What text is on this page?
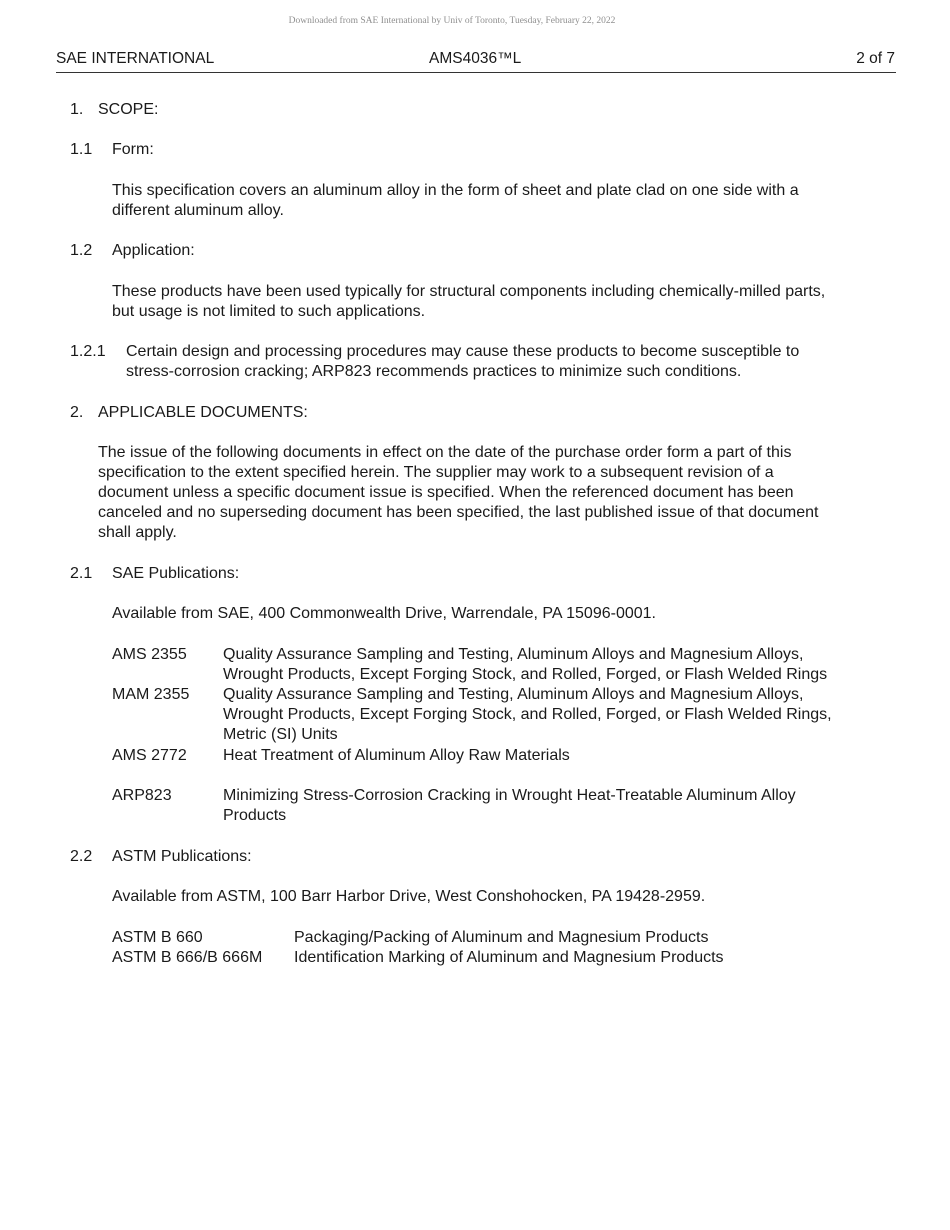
Downloaded from SAE International by Univ of Toronto, Tuesday, February 22, 2022
SAE INTERNATIONAL	AMS4036™L	2 of 7
1. SCOPE:
1.1 Form:
This specification covers an aluminum alloy in the form of sheet and plate clad on one side with a
different aluminum alloy.
1.2 Application:
These products have been used typically for structural components including chemically-milled parts,
but usage is not limited to such applications.
1.2.1 Certain design and processing procedures may cause these products to become susceptible to
stress-corrosion cracking; ARP823 recommends practices to minimize such conditions.
2. APPLICABLE DOCUMENTS:
The issue of the following documents in effect on the date of the purchase order form a part of this
specification to the extent specified herein. The supplier may work to a subsequent revision of a
document unless a specific document issue is specified. When the referenced document has been
canceled and no superseding document has been specified, the last published issue of that document
shall apply.
2.1 SAE Publications:
Available from SAE, 400 Commonwealth Drive, Warrendale, PA 15096-0001.
AMS 2355 Quality Assurance Sampling and Testing, Aluminum Alloys and Magnesium Alloys,
Wrought Products, Except Forging Stock, and Rolled, Forged, or Flash Welded Rings
MAM 2355 Quality Assurance Sampling and Testing, Aluminum Alloys and Magnesium Alloys,
Wrought Products, Except Forging Stock, and Rolled, Forged, or Flash Welded Rings,
Metric (SI) Units
AMS 2772 Heat Treatment of Aluminum Alloy Raw Materials
ARP823	Minimizing Stress-Corrosion Cracking in Wrought Heat-Treatable Aluminum Alloy
Products
2.2 ASTM Publications:
Available from ASTM, 100 Barr Harbor Drive, West Conshohocken, PA 19428-2959.
ASTM B 660	Packaging/Packing of Aluminum and Magnesium Products
ASTM B 666/B 666M Identification Marking of Aluminum and Magnesium Products
